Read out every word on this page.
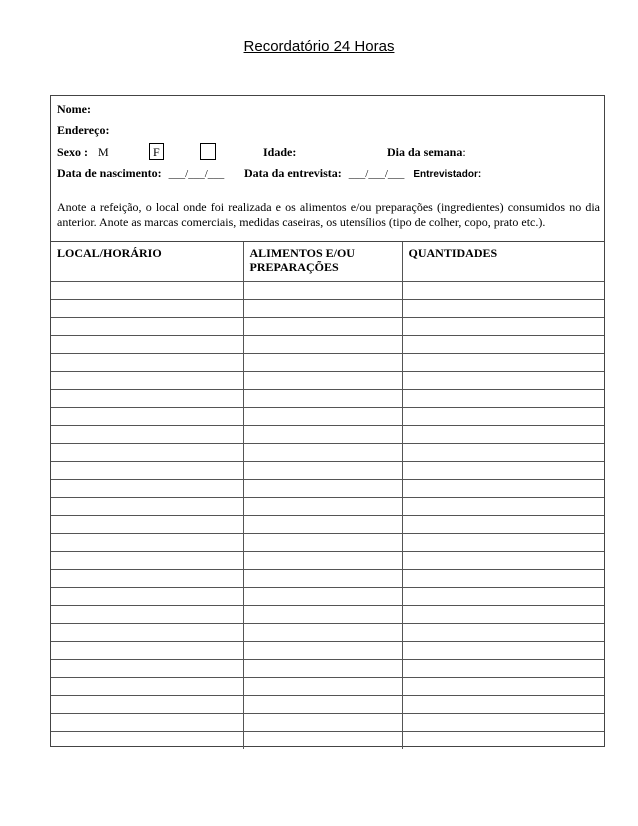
Recordatório 24 Horas
Nome:
Endereço:
Sexo : M	F	Idade:	Dia da semana:
Data de nascimento: ___/___/___ Data da entrevista: ___/___/___ Entrevistador:
Anote a refeição, o local onde foi realizada e os alimentos e/ou preparações (ingredientes) consumidos no dia anterior. Anote as marcas comerciais, medidas caseiras, os utensílios (tipo de colher, copo, prato etc.).
LOCAL/HORÁRIO	ALIMENTOS E/OU PREPARAÇÕES	QUANTIDADES
